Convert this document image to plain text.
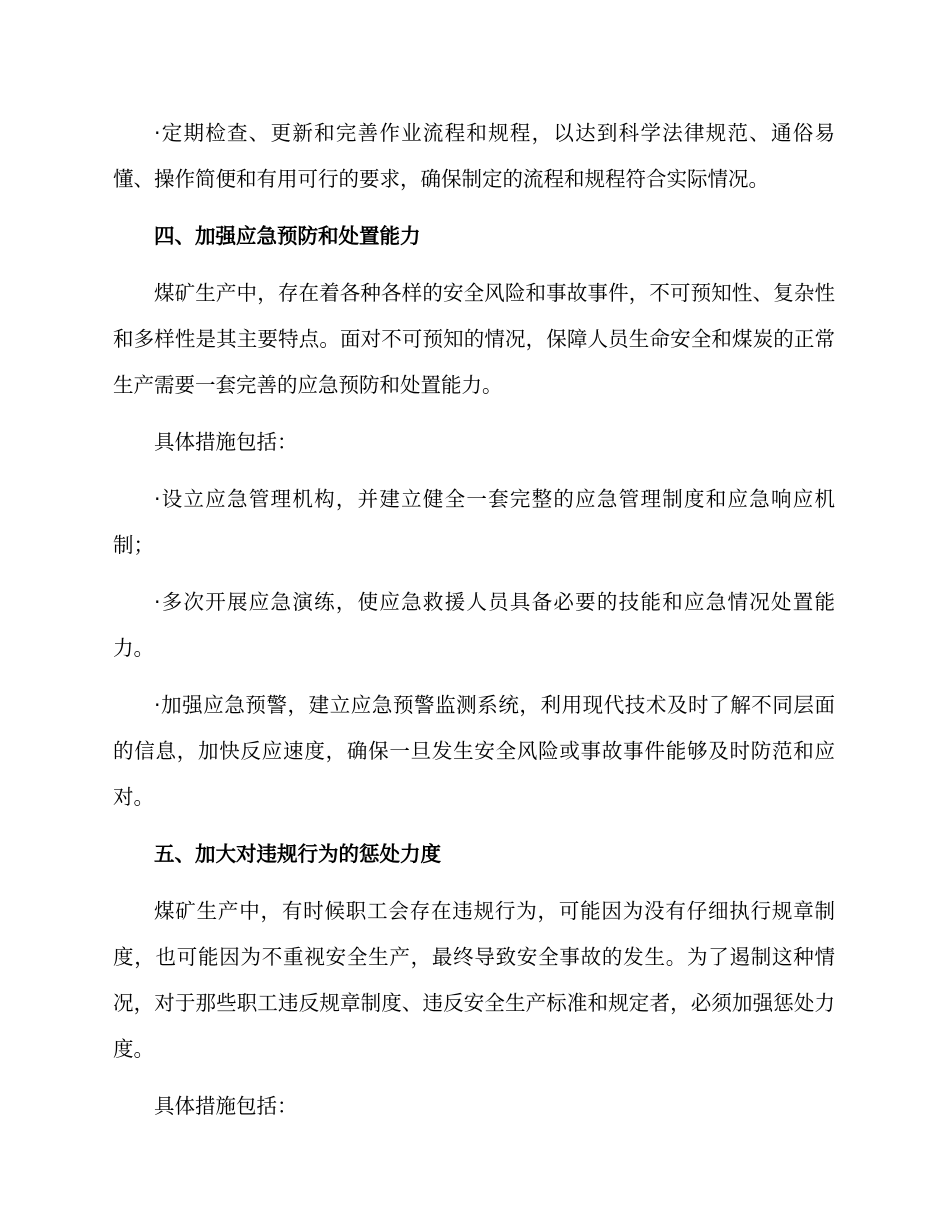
·定期检查、更新和完善作业流程和规程，以达到科学法律规范、通俗易懂、操作简便和有用可行的要求，确保制定的流程和规程符合实际情况。

四、加强应急预防和处置能力

煤矿生产中，存在着各种各样的安全风险和事故事件，不可预知性、复杂性和多样性是其主要特点。面对不可预知的情况，保障人员生命安全和煤炭的正常生产需要一套完善的应急预防和处置能力。

具体措施包括：

·设立应急管理机构，并建立健全一套完整的应急管理制度和应急响应机制；

·多次开展应急演练，使应急救援人员具备必要的技能和应急情况处置能力。

·加强应急预警，建立应急预警监测系统，利用现代技术及时了解不同层面的信息，加快反应速度，确保一旦发生安全风险或事故事件能够及时防范和应对。

五、加大对违规行为的惩处力度

煤矿生产中，有时候职工会存在违规行为，可能因为没有仔细执行规章制度，也可能因为不重视安全生产，最终导致安全事故的发生。为了遏制这种情况，对于那些职工违反规章制度、违反安全生产标准和规定者，必须加强惩处力度。

具体措施包括：
